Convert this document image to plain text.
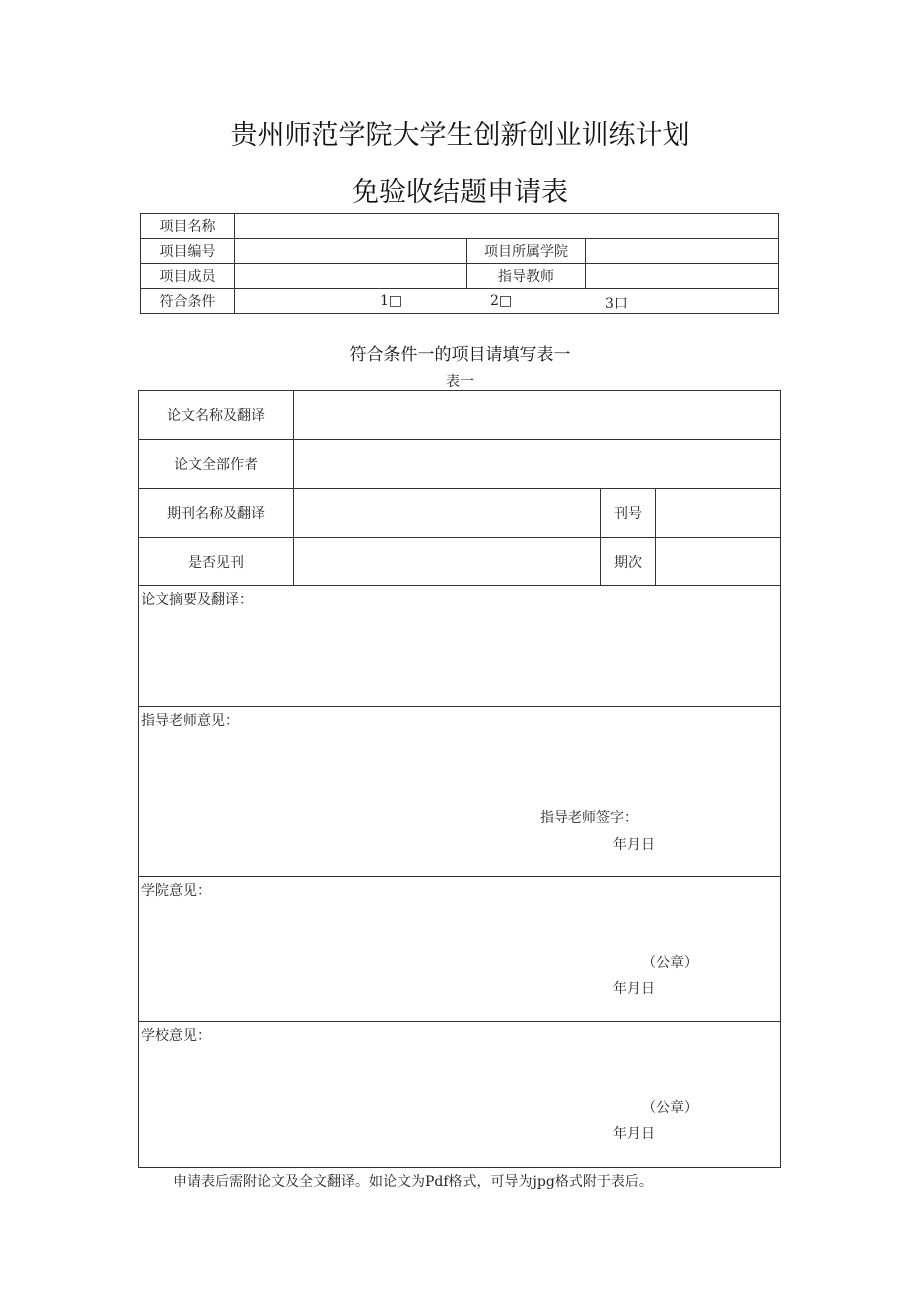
贵州师范学院大学生创新创业训练计划
免验收结题申请表
项目名称			
项目编号		项目所属学院	
项目成员		指导教师	
符合条件	1□ 2□ 3口		
符合条件一的项目请填写表一
表一
论文名称及翻译			
论文全部作者			
期刊名称及翻译		刊号	
是否见刊		期次	

论文摘要及翻译：			

指导老师意见：
指导老师签字：
年月日			

学院意见：
（公章）
年月日			

学校意见：
（公章）
年月日			
申请表后需附论文及全文翻译。如论文为Pdf格式，可导为jpg格式附于表后。
